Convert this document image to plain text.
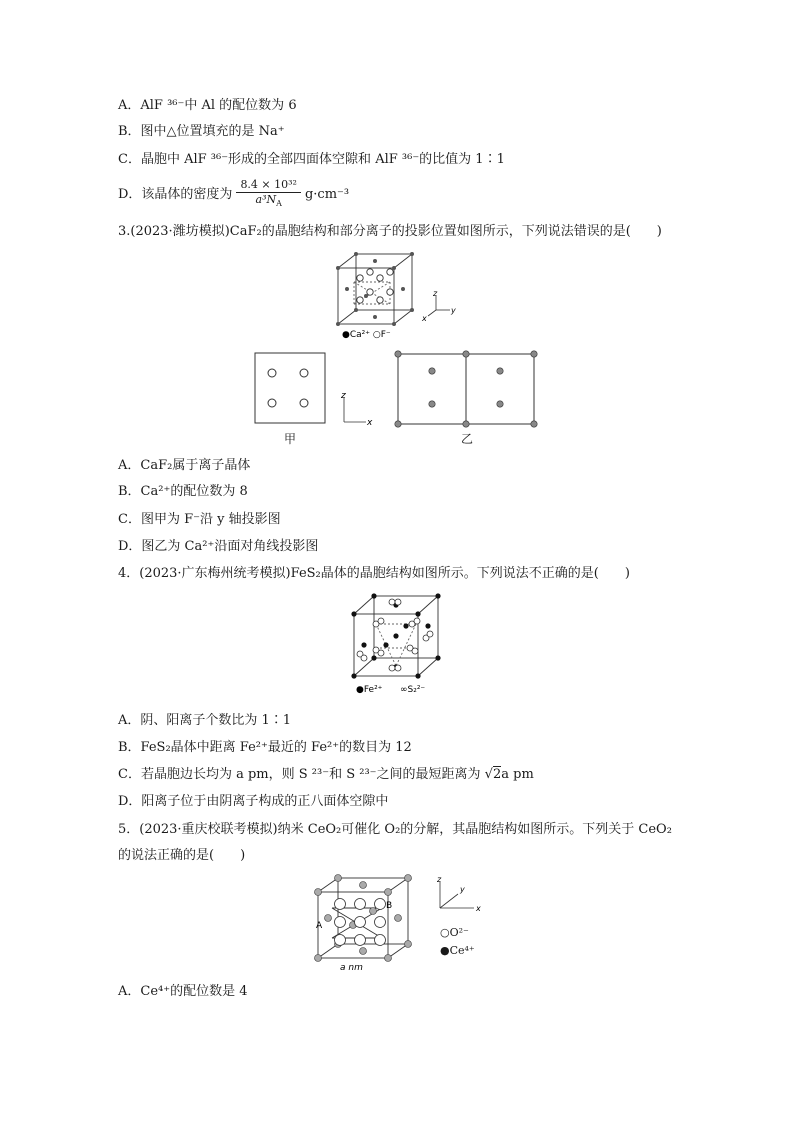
A．AlF ³⁶⁻中 Al 的配位数为 6
B．图中△位置填充的是 Na⁺
C．晶胞中 AlF ³⁶⁻形成的全部四面体空隙和 AlF ³⁶⁻的比值为 1∶1
D．该晶体的密度为 $\frac{\text{8.4 × 10³²}}{a^3N_A} g\cdot cm^{-3}$
3.(2023·潍坊模拟)CaF₂的晶胞结构和部分离子的投影位置如图所示，下列说法错误的是(　　)
●Ca²⁺ ○F⁻
z
y
x
甲
z
x
乙
A．CaF₂属于离子晶体
B．Ca²⁺的配位数为 8
C．图甲为 F⁻沿 y 轴投影图
D．图乙为 Ca²⁺沿面对角线投影图
4．(2023·广东梅州统考模拟)FeS₂晶体的晶胞结构如图所示。下列说法不正确的是(　　)
●Fe²⁺ ∞S₂²⁻
A．阴、阳离子个数比为 1∶1
B．FeS₂晶体中距离 Fe²⁺最近的 Fe²⁺的数目为 12
C．若晶胞边长均为 a pm，则 S ²³⁻和 S ²³⁻之间的最短距离为 √2a pm
D．阳离子位于由阴离子构成的正八面体空隙中
5．(2023·重庆校联考模拟)纳米 CeO₂可催化 O₂的分解，其晶胞结构如图所示。下列关于 CeO₂
的说法正确的是(　　)
A
B
a nm
z
y
x
○O²⁻
●Ce⁴⁺
A．Ce⁴⁺的配位数是 4
